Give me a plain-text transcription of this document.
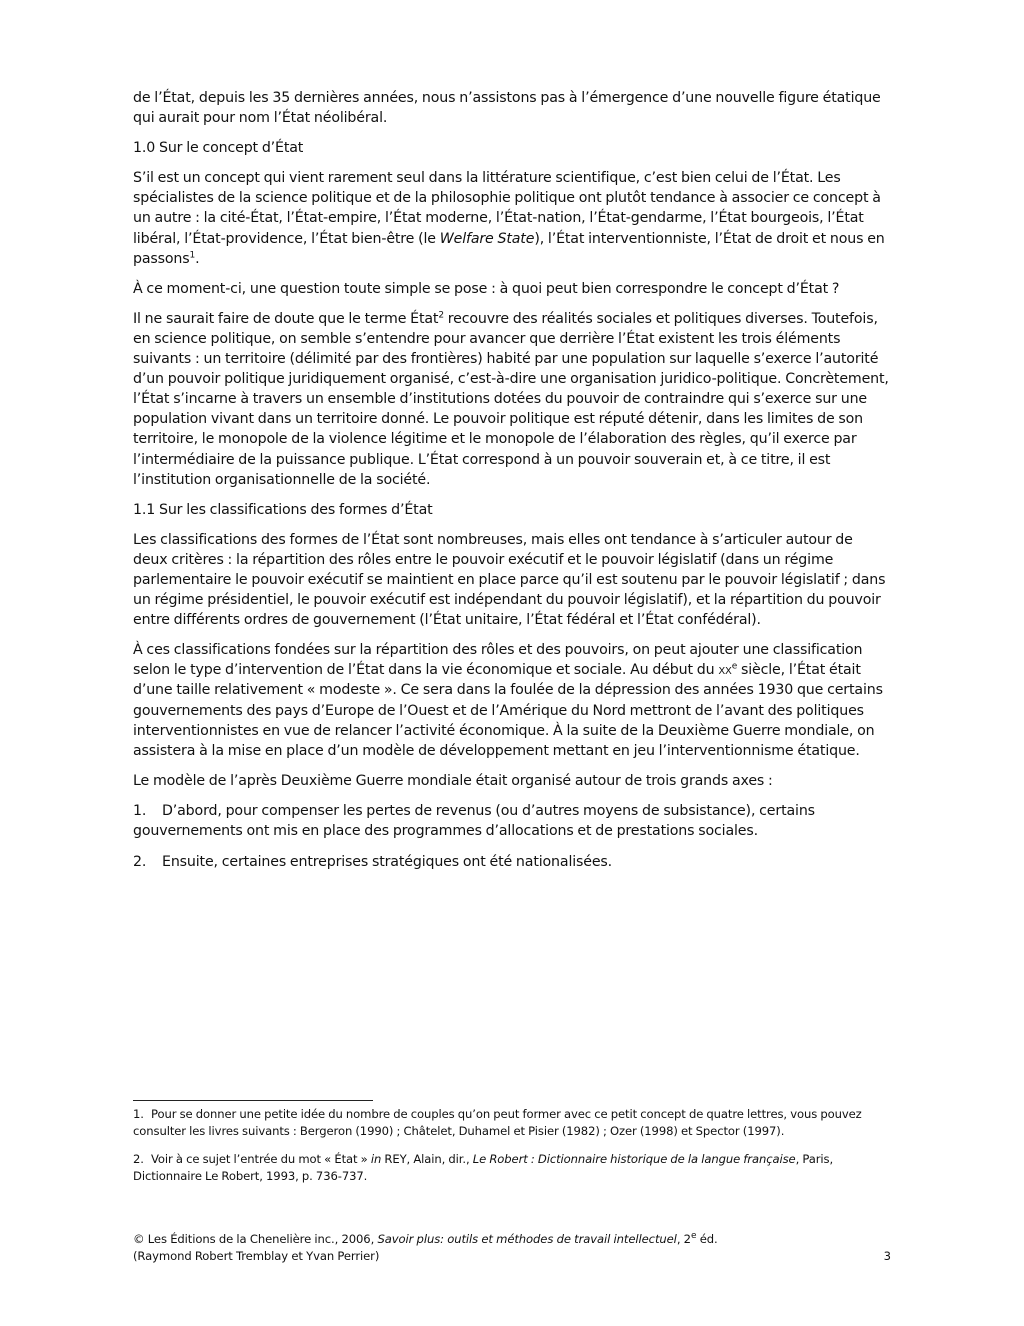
de l’État, depuis les 35 dernières années, nous n’assistons pas à l’émergence d’une nouvelle figure étatique qui aurait pour nom l’État néolibéral.

1.0 Sur le concept d’État

S’il est un concept qui vient rarement seul dans la littérature scientifique, c’est bien celui de l’État. Les spécialistes de la science politique et de la philosophie politique ont plutôt tendance à associer ce concept à un autre : la cité-État, l’État-empire, l’État moderne, l’État-nation, l’État-gendarme, l’État bourgeois, l’État libéral, l’État-providence, l’État bien-être (le Welfare State), l’État interventionniste, l’État de droit et nous en passons$^1$.

À ce moment-ci, une question toute simple se pose : à quoi peut bien correspondre le concept d’État ?

Il ne saurait faire de doute que le terme État$^2$ recouvre des réalités sociales et politiques diverses. Toutefois, en science politique, on semble s’entendre pour avancer que derrière l’État existent les trois éléments suivants : un territoire (délimité par des frontières) habité par une population sur laquelle s’exerce l’autorité d’un pouvoir politique juridiquement organisé, c’est-à-dire une organisation juridico-politique. Concrètement, l’État s’incarne à travers un ensemble d’institutions dotées du pouvoir de contraindre qui s’exerce sur une population vivant dans un territoire donné. Le pouvoir politique est réputé détenir, dans les limites de son territoire, le monopole de la violence légitime et le monopole de l’élaboration des règles, qu’il exerce par l’intermédiaire de la puissance publique. L’État correspond à un pouvoir souverain et, à ce titre, il est l’institution organisationnelle de la société.

1.1 Sur les classifications des formes d’État

Les classifications des formes de l’État sont nombreuses, mais elles ont tendance à s’articuler autour de deux critères : la répartition des rôles entre le pouvoir exécutif et le pouvoir législatif (dans un régime parlementaire le pouvoir exécutif se maintient en place parce qu’il est soutenu par le pouvoir législatif ; dans un régime présidentiel, le pouvoir exécutif est indépendant du pouvoir législatif), et la répartition du pouvoir entre différents ordres de gouvernement (l’État unitaire, l’État fédéral et l’État confédéral).

À ces classifications fondées sur la répartition des rôles et des pouvoirs, on peut ajouter une classification selon le type d’intervention de l’État dans la vie économique et sociale. Au début du $xx^e$ siècle, l’État était d’une taille relativement « modeste ». Ce sera dans la foulée de la dépression des années 1930 que certains gouvernements des pays d’Europe de l’Ouest et de l’Amérique du Nord mettront de l’avant des politiques interventionnistes en vue de relancer l’activité économique. À la suite de la Deuxième Guerre mondiale, on assistera à la mise en place d’un modèle de développement mettant en jeu l’interventionnisme étatique.

Le modèle de l’après Deuxième Guerre mondiale était organisé autour de trois grands axes :

1. D’abord, pour compenser les pertes de revenus (ou d’autres moyens de subsistance), certains gouvernements ont mis en place des programmes d’allocations et de prestations sociales.

2. Ensuite, certaines entreprises stratégiques ont été nationalisées.

1. Pour se donner une petite idée du nombre de couples qu’on peut former avec ce petit concept de quatre lettres, vous pouvez consulter les livres suivants : Bergeron (1990) ; Châtelet, Duhamel et Pisier (1982) ; Ozer (1998) et Spector (1997).

2. Voir à ce sujet l’entrée du mot « État » in REY, Alain, dir., Le Robert : Dictionnaire historique de la langue française, Paris, Dictionnaire Le Robert, 1993, p. 736-737.

© Les Éditions de la Chenelière inc., 2006, Savoir plus: outils et méthodes de travail intellectuel, 2e éd.
(Raymond Robert Tremblay et Yvan Perrier)	3
